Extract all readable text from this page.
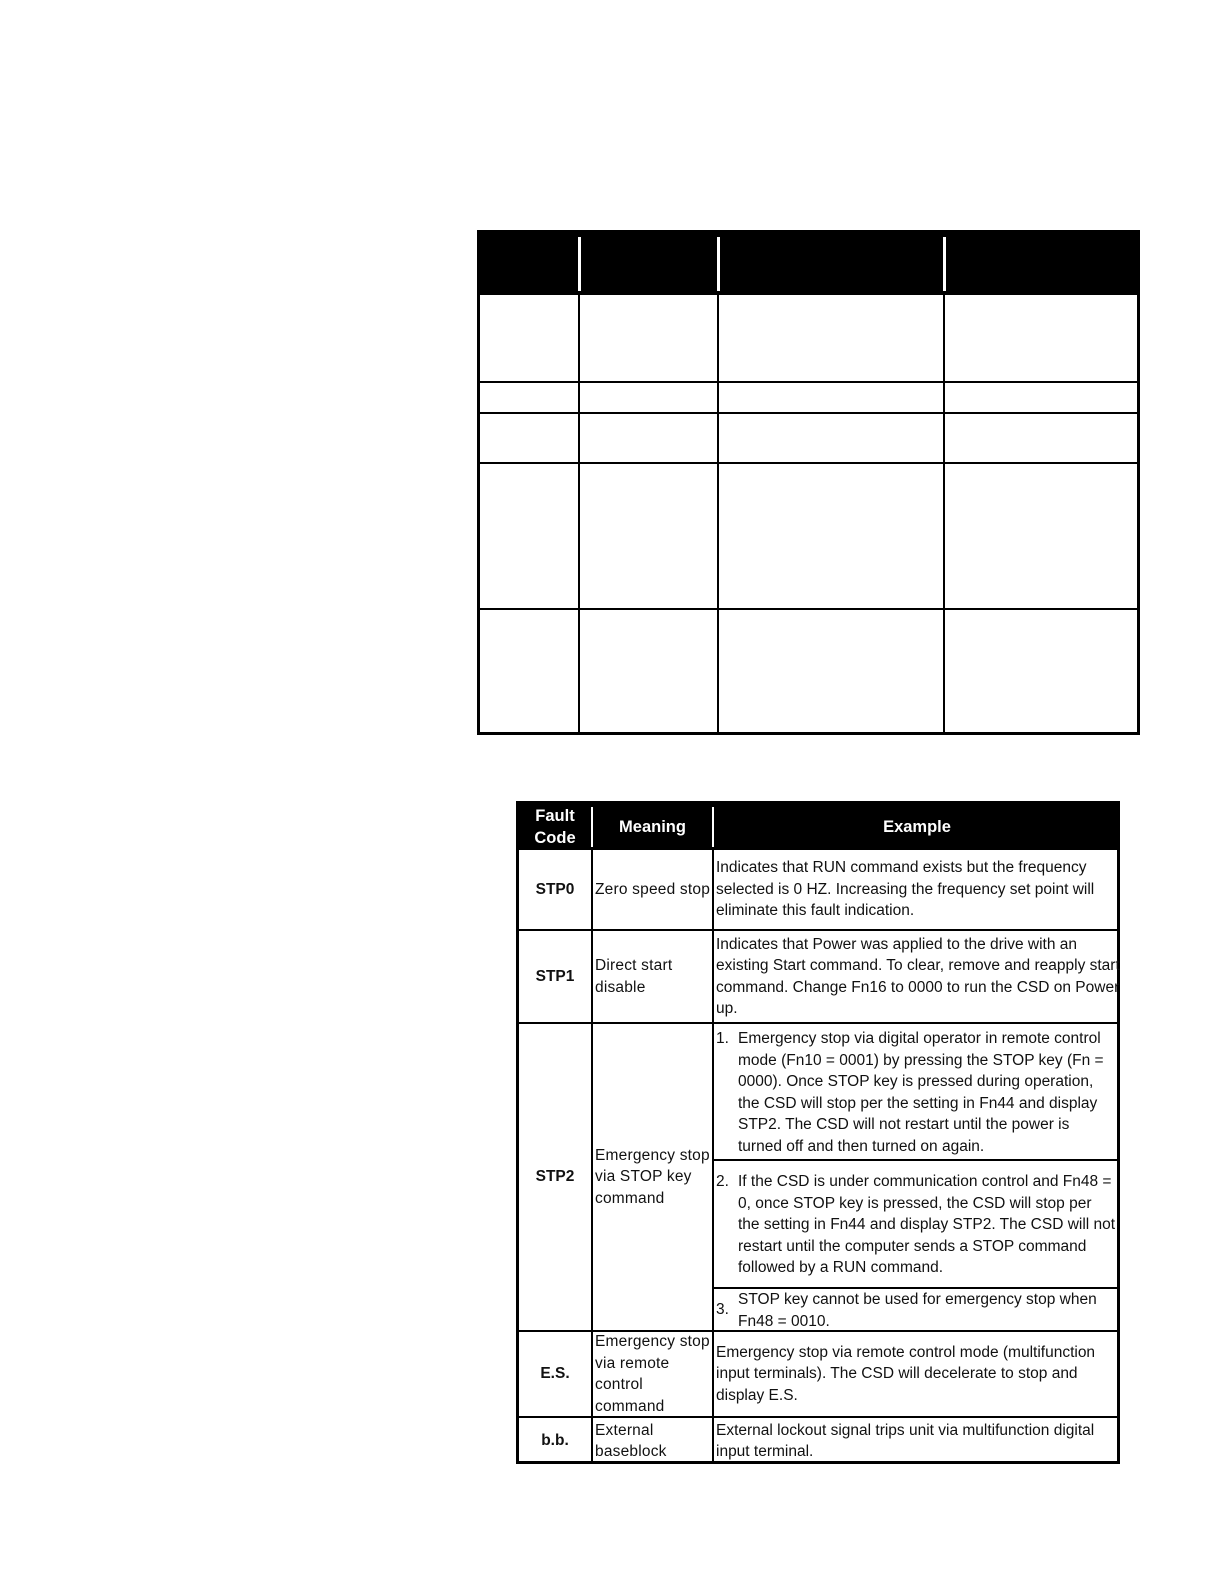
Fault Code
Meaning	Example
STP0	Zero speed stop
Indicates that RUN command exists but the frequency selected is 0 HZ. Increasing the frequency set point will eliminate this fault indication.
STP1
Direct start disable
Indicates that Power was applied to the drive with an existing Start command. To clear, remove and reapply start command. Change Fn16 to 0000 to run the CSD on Power up.
STP2
Emergency stop via STOP key command
1. Emergency stop via digital operator in remote control mode (Fn10 = 0001) by pressing the STOP key (Fn = 0000). Once STOP key is pressed during operation, the CSD will stop per the setting in Fn44 and display STP2. The CSD will not restart until the power is turned off and then turned on again.
2. If the CSD is under communication control and Fn48 = 0, once STOP key is pressed, the CSD will stop per the setting in Fn44 and display STP2. The CSD will not restart until the computer sends a STOP command followed by a RUN command.
3.
STOP key cannot be used for emergency stop when Fn48 = 0010.
E.S.
Emergency stop via remote control command
Emergency stop via remote control mode (multifunction input terminals). The CSD will decelerate to stop and display E.S.
b.b.
External baseblock
External lockout signal trips unit via multifunction digital input terminal.
